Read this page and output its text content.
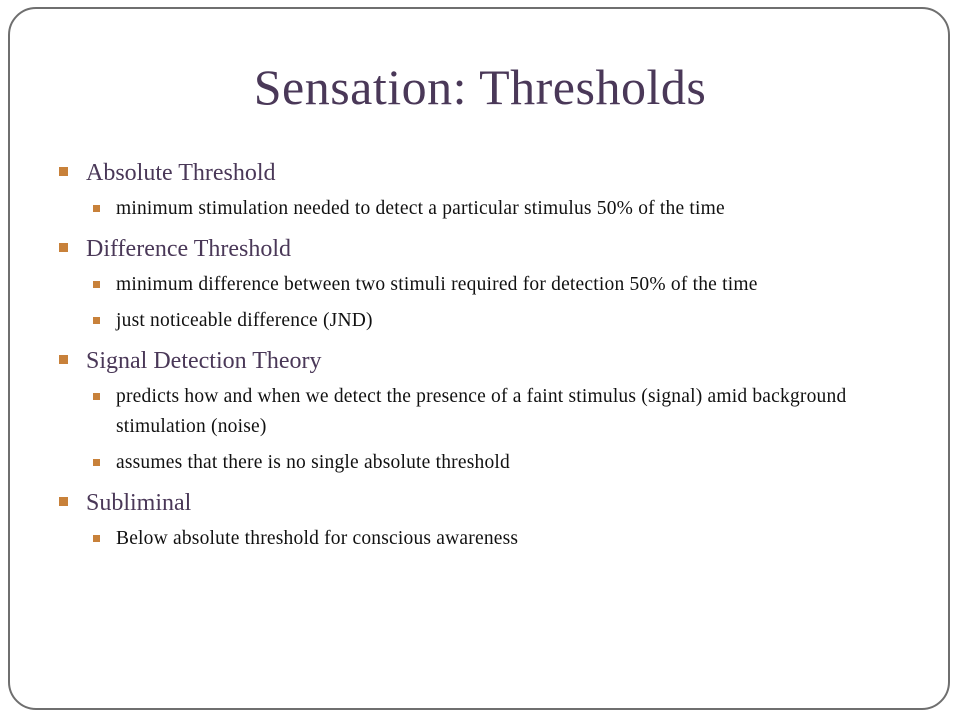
Sensation: Thresholds
Absolute Threshold
minimum stimulation needed to detect a particular stimulus 50% of the time
Difference Threshold
minimum difference between two stimuli required for detection 50% of the time
just noticeable difference (JND)
Signal Detection Theory
predicts how and when we detect the presence of a faint stimulus (signal) amid background stimulation (noise)
assumes that there is no single absolute threshold
Subliminal
Below absolute threshold for conscious awareness
